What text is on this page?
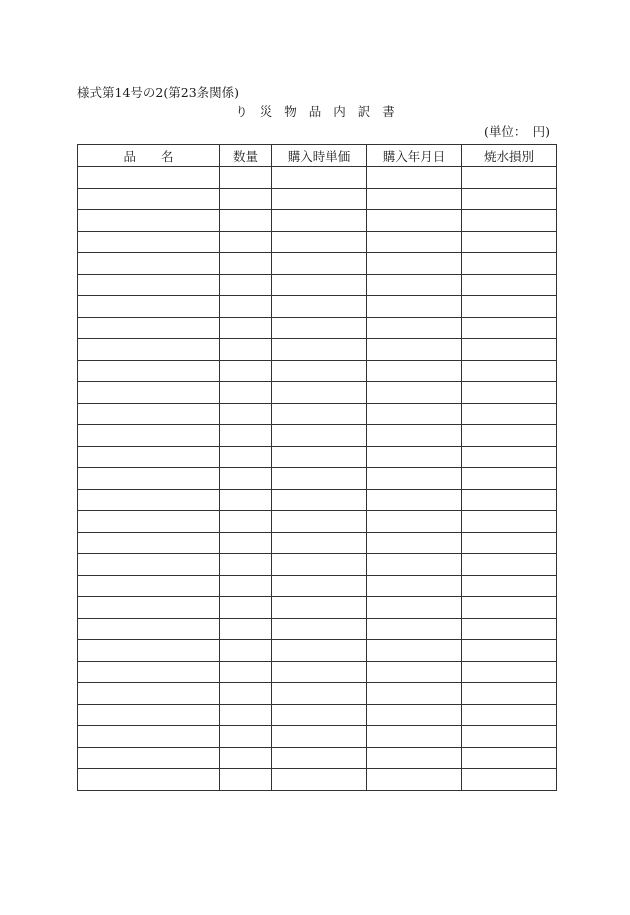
様式第14号の2(第23条関係)
り 災 物 品 内 訳 書
(単位：　円)
品　　名	数量	購入時単価	購入年月日	焼水損別
